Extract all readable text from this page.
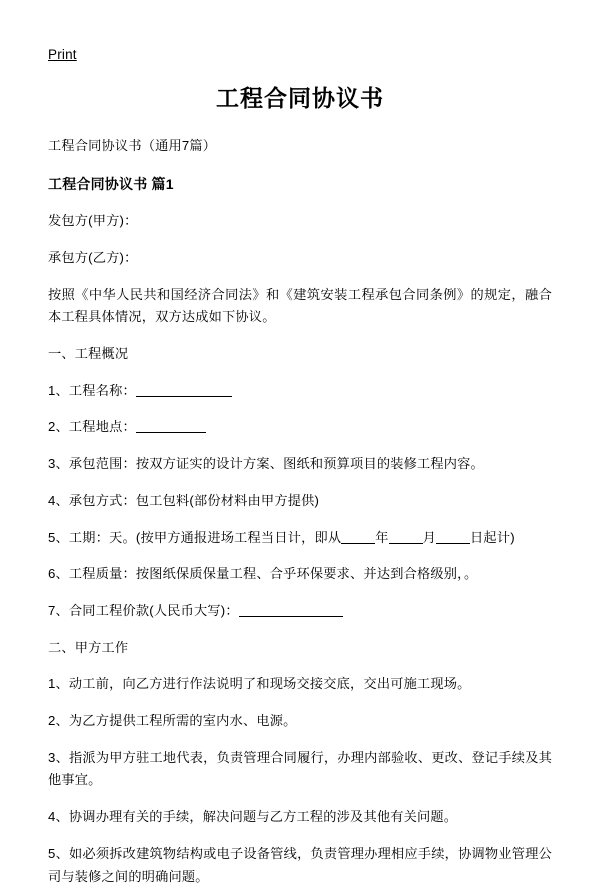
Print
工程合同协议书

工程合同协议书（通用7篇）

工程合同协议书 篇1

发包方(甲方)：

承包方(乙方)：

按照《中华人民共和国经济合同法》和《建筑安装工程承包合同条例》的规定，融合本工程具体情况，双方达成如下协议。

一、工程概况

1、工程名称：

2、工程地点：

3、承包范围：按双方证实的设计方案、图纸和预算项目的装修工程内容。

4、承包方式：包工包料(部份材料由甲方提供)

5、工期：天。(按甲方通报进场工程当日计，即从	年	月	日起计)

6、工程质量：按图纸保质保量工程、合乎环保要求、并达到合格级别，。

7、合同工程价款(人民币大写)：

二、甲方工作

1、动工前，向乙方进行作法说明了和现场交接交底，交出可施工现场。

2、为乙方提供工程所需的室内水、电源。

3、指派为甲方驻工地代表，负责管理合同履行，办理内部验收、更改、登记手续及其他事宜。

4、协调办理有关的手续，解决问题与乙方工程的涉及其他有关问题。

5、如必须拆改建筑物结构或电子设备管线，负责管理办理相应手续，协调物业管理公司与装修之间的明确问题。
